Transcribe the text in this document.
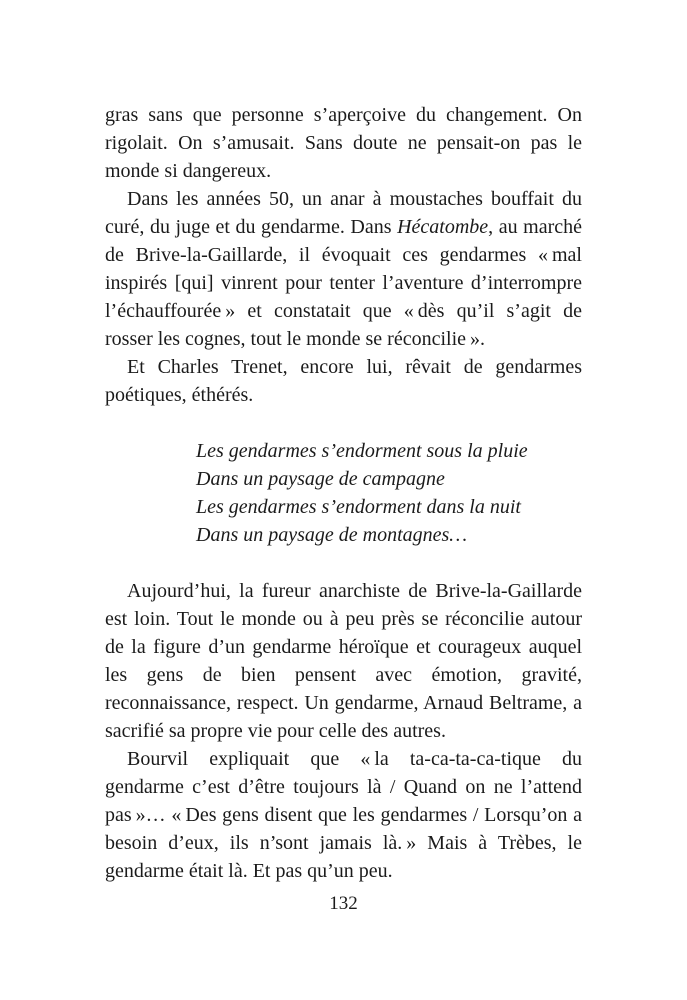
gras sans que personne s’aperçoive du changement. On rigolait. On s’amusait. Sans doute ne pensait-on pas le monde si dangereux.

Dans les années 50, un anar à moustaches bouffait du curé, du juge et du gendarme. Dans Hécatombe, au marché de Brive-la-Gaillarde, il évoquait ces gendarmes « mal inspirés [qui] vinrent pour tenter l’aventure d’interrompre l’échauffourée » et constatait que « dès qu’il s’agit de rosser les cognes, tout le monde se réconcilie ».

Et Charles Trenet, encore lui, rêvait de gendarmes poétiques, éthérés.

Les gendarmes s’endorment sous la pluie
Dans un paysage de campagne
Les gendarmes s’endorment dans la nuit
Dans un paysage de montagnes…

Aujourd’hui, la fureur anarchiste de Brive-la-Gaillarde est loin. Tout le monde ou à peu près se réconcilie autour de la figure d’un gendarme héroïque et courageux auquel les gens de bien pensent avec émotion, gravité, reconnaissance, respect. Un gendarme, Arnaud Beltrame, a sacrifié sa propre vie pour celle des autres.

Bourvil expliquait que « la ta-ca-ta-ca-tique du gendarme c’est d’être toujours là / Quand on ne l’attend pas »… « Des gens disent que les gendarmes / Lorsqu’on a besoin d’eux, ils n’sont jamais là. » Mais à Trèbes, le gendarme était là. Et pas qu’un peu.

132
